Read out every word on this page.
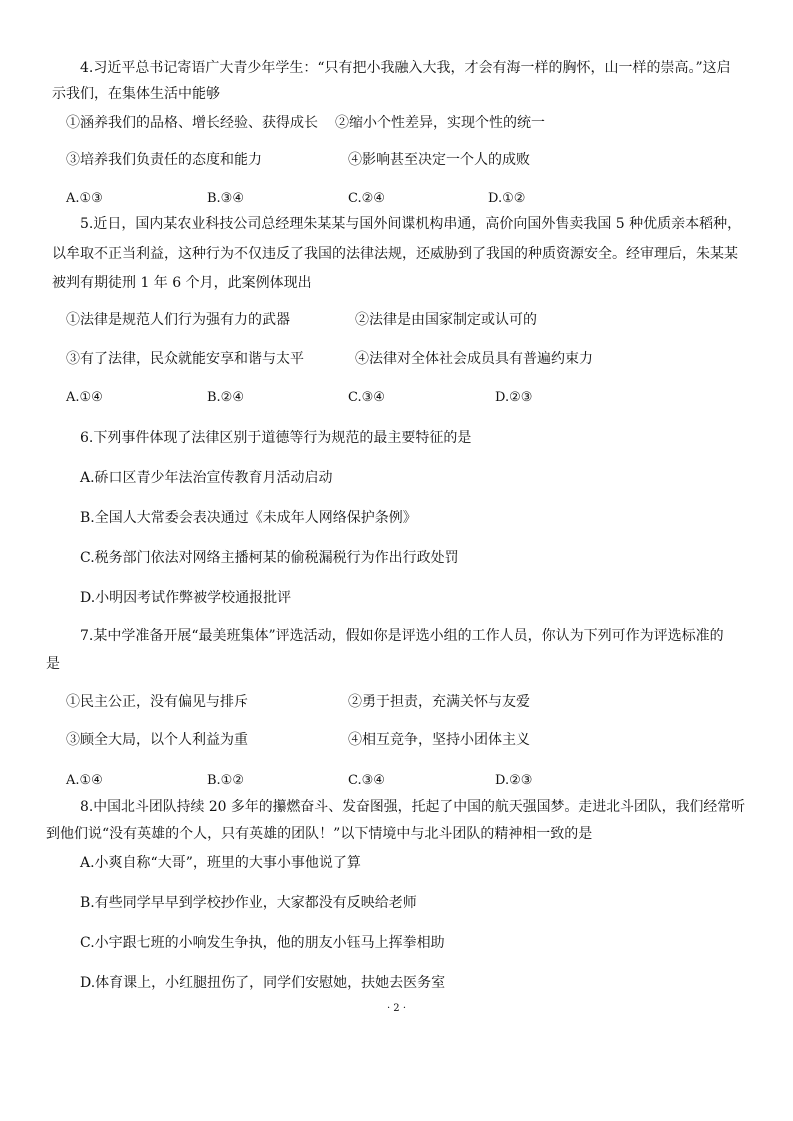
4.习近平总书记寄语广大青少年学生：“只有把小我融入大我，才会有海一样的胸怀，山一样的崇高。”这启
示我们，在集体生活中能够
①涵养我们的品格、增长经验、获得成长 ②缩小个性差异，实现个性的统一
③培养我们负责任的态度和能力	④影响甚至决定一个人的成败
A.①③	B.③④	C.②④	D.①②
5.近日，国内某农业科技公司总经理朱某某与国外间谍机构串通，高价向国外售卖我国 5 种优质亲本稻种，
以牟取不正当利益，这种行为不仅违反了我国的法律法规，还威胁到了我国的种质资源安全。经审理后，朱某某
被判有期徒刑 1 年 6 个月，此案例体现出
①法律是规范人们行为强有力的武器	②法律是由国家制定或认可的
③有了法律，民众就能安享和谐与太平	④法律对全体社会成员具有普遍约束力
A.①④	B.②④	C.③④	D.②③
6.下列事件体现了法律区别于道德等行为规范的最主要特征的是
A.硚口区青少年法治宣传教育月活动启动
B.全国人大常委会表决通过《未成年人网络保护条例》
C.税务部门依法对网络主播柯某的偷税漏税行为作出行政处罚
D.小明因考试作弊被学校通报批评
7.某中学准备开展“最美班集体”评选活动，假如你是评选小组的工作人员，你认为下列可作为评选标准的
是
①民主公正，没有偏见与排斥	②勇于担责，充满关怀与友爱
③顾全大局，以个人利益为重	④相互竞争，坚持小团体主义
A.①④	B.①②	C.③④	D.②③
8.中国北斗团队持续 20 多年的攥燃奋斗、发奋图强，托起了中国的航天强国梦。走进北斗团队，我们经常听
到他们说“没有英雄的个人，只有英雄的团队！”以下情境中与北斗团队的精神相一致的是
A.小爽自称“大哥”，班里的大事小事他说了算
B.有些同学早早到学校抄作业，大家都没有反映给老师
C.小宇跟七班的小响发生争执，他的朋友小钰马上挥拳相助
D.体育课上，小红腿扭伤了，同学们安慰她，扶她去医务室
· 2 ·
